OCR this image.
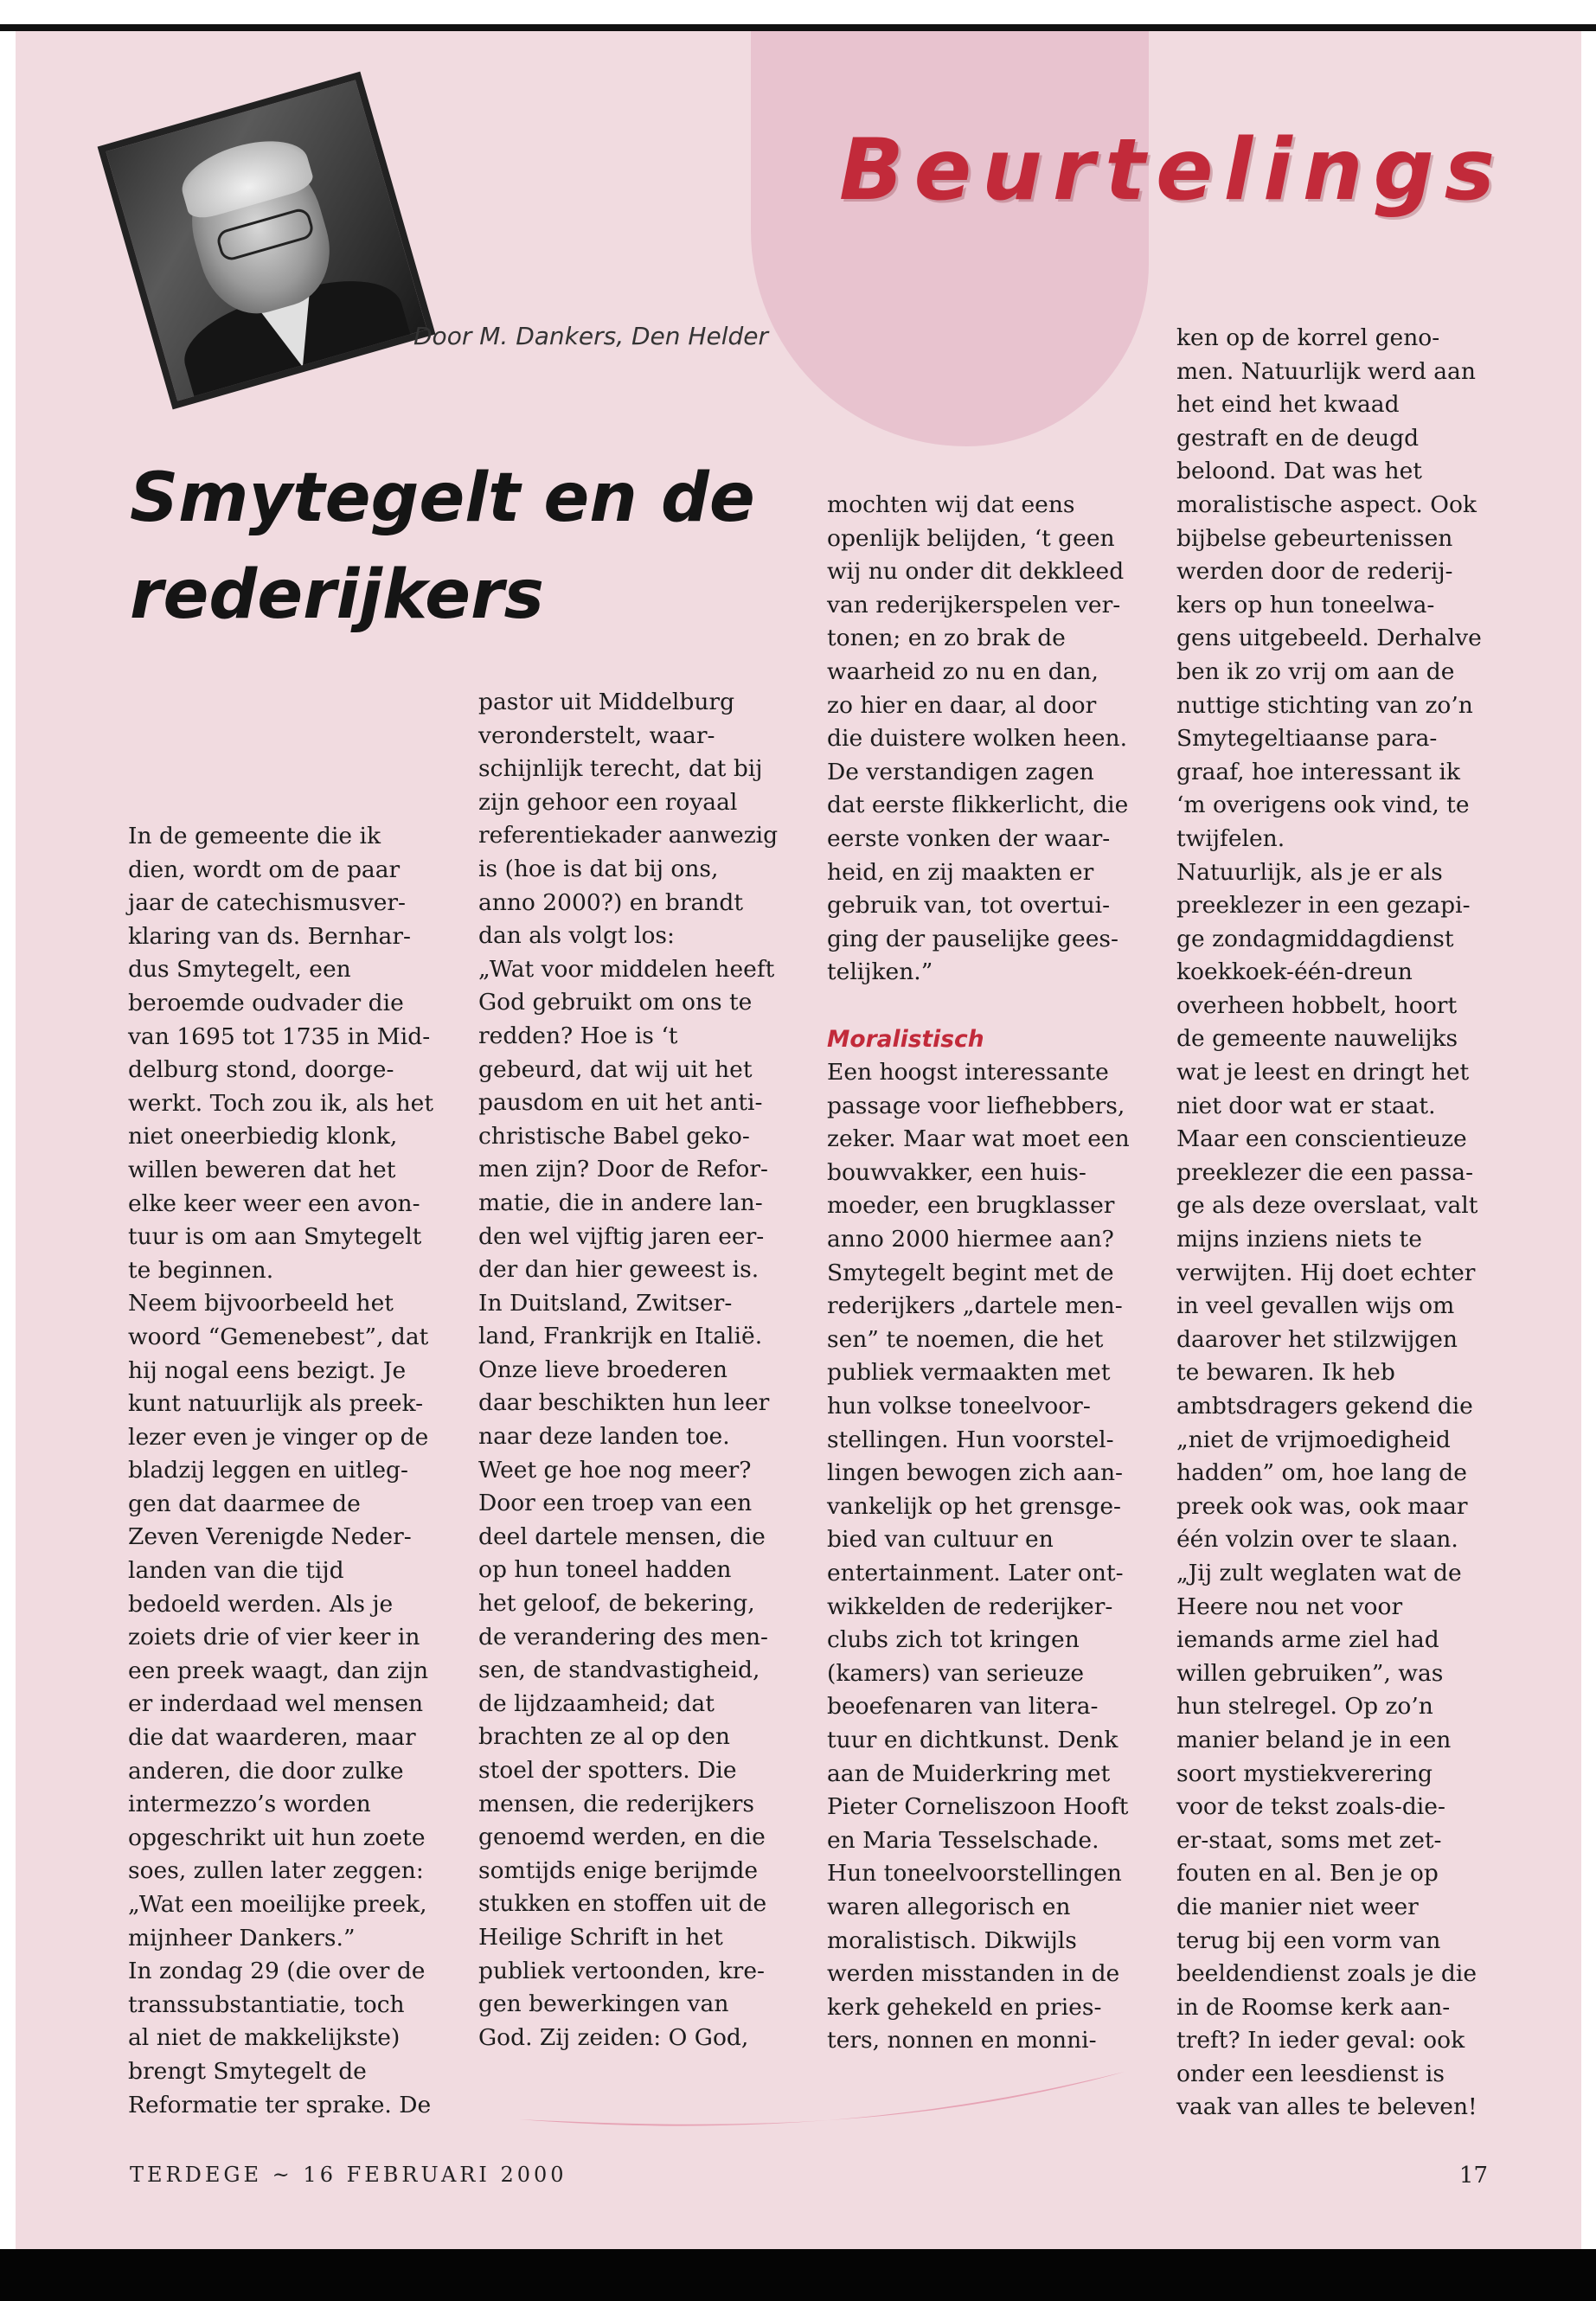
Beurtelings
Door M. Dankers, Den Helder
Smytegelt en de
rederijkers
In de gemeente die ik
dien, wordt om de paar
jaar de catechismusver-
klaring van ds. Bernhar-
dus Smytegelt, een
beroemde oudvader die
van 1695 tot 1735 in Mid-
delburg stond, doorge-
werkt. Toch zou ik, als het
niet oneerbiedig klonk,
willen beweren dat het
elke keer weer een avon-
tuur is om aan Smytegelt
te beginnen.
Neem bijvoorbeeld het
woord “Gemenebest”, dat
hij nogal eens bezigt. Je
kunt natuurlijk als preek-
lezer even je vinger op de
bladzij leggen en uitleg-
gen dat daarmee de
Zeven Verenigde Neder-
landen van die tijd
bedoeld werden. Als je
zoiets drie of vier keer in
een preek waagt, dan zijn
er inderdaad wel mensen
die dat waarderen, maar
anderen, die door zulke
intermezzo’s worden
opgeschrikt uit hun zoete
soes, zullen later zeggen:
„Wat een moeilijke preek,
mijnheer Dankers.”
In zondag 29 (die over de
transsubstantiatie, toch
al niet de makkelijkste)
brengt Smytegelt de
Reformatie ter sprake. De
pastor uit Middelburg
veronderstelt, waar-
schijnlijk terecht, dat bij
zijn gehoor een royaal
referentiekader aanwezig
is (hoe is dat bij ons,
anno 2000?) en brandt
dan als volgt los:
„Wat voor middelen heeft
God gebruikt om ons te
redden? Hoe is ‘t
gebeurd, dat wij uit het
pausdom en uit het anti-
christische Babel geko-
men zijn? Door de Refor-
matie, die in andere lan-
den wel vijftig jaren eer-
der dan hier geweest is.
In Duitsland, Zwitser-
land, Frankrijk en Italië.
Onze lieve broederen
daar beschikten hun leer
naar deze landen toe.
Weet ge hoe nog meer?
Door een troep van een
deel dartele mensen, die
op hun toneel hadden
het geloof, de bekering,
de verandering des men-
sen, de standvastigheid,
de lijdzaamheid; dat
brachten ze al op den
stoel der spotters. Die
mensen, die rederijkers
genoemd werden, en die
somtijds enige berijmde
stukken en stoffen uit de
Heilige Schrift in het
publiek vertoonden, kre-
gen bewerkingen van
God. Zij zeiden: O God,
mochten wij dat eens
openlijk belijden, ‘t geen
wij nu onder dit dekkleed
van rederijkerspelen ver-
tonen; en zo brak de
waarheid zo nu en dan,
zo hier en daar, al door
die duistere wolken heen.
De verstandigen zagen
dat eerste flikkerlicht, die
eerste vonken der waar-
heid, en zij maakten er
gebruik van, tot overtui-
ging der pauselijke gees-
telijken.”
Moralistisch
Een hoogst interessante
passage voor liefhebbers,
zeker. Maar wat moet een
bouwvakker, een huis-
moeder, een brugklasser
anno 2000 hiermee aan?
Smytegelt begint met de
rederijkers „dartele men-
sen” te noemen, die het
publiek vermaakten met
hun volkse toneelvoor-
stellingen. Hun voorstel-
lingen bewogen zich aan-
vankelijk op het grensge-
bied van cultuur en
entertainment. Later ont-
wikkelden de rederijker-
clubs zich tot kringen
(kamers) van serieuze
beoefenaren van litera-
tuur en dichtkunst. Denk
aan de Muiderkring met
Pieter Corneliszoon Hooft
en Maria Tesselschade.
Hun toneelvoorstellingen
waren allegorisch en
moralistisch. Dikwijls
werden misstanden in de
kerk gehekeld en pries-
ters, nonnen en monni-
ken op de korrel geno-
men. Natuurlijk werd aan
het eind het kwaad
gestraft en de deugd
beloond. Dat was het
moralistische aspect. Ook
bijbelse gebeurtenissen
werden door de rederij-
kers op hun toneelwa-
gens uitgebeeld. Derhalve
ben ik zo vrij om aan de
nuttige stichting van zo’n
Smytegeltiaanse para-
graaf, hoe interessant ik
‘m overigens ook vind, te
twijfelen.
Natuurlijk, als je er als
preeklezer in een gezapi-
ge zondagmiddagdienst
koekkoek-één-dreun
overheen hobbelt, hoort
de gemeente nauwelijks
wat je leest en dringt het
niet door wat er staat.
Maar een conscientieuze
preeklezer die een passa-
ge als deze overslaat, valt
mijns inziens niets te
verwijten. Hij doet echter
in veel gevallen wijs om
daarover het stilzwijgen
te bewaren. Ik heb
ambtsdragers gekend die
„niet de vrijmoedigheid
hadden” om, hoe lang de
preek ook was, ook maar
één volzin over te slaan.
„Jij zult weglaten wat de
Heere nou net voor
iemands arme ziel had
willen gebruiken”, was
hun stelregel. Op zo’n
manier beland je in een
soort mystiekverering
voor de tekst zoals-die-
er-staat, soms met zet-
fouten en al. Ben je op
die manier niet weer
terug bij een vorm van
beeldendienst zoals je die
in de Roomse kerk aan-
treft? In ieder geval: ook
onder een leesdienst is
vaak van alles te beleven!
TERDEGE ~ 16 FEBRUARI 2000	17
